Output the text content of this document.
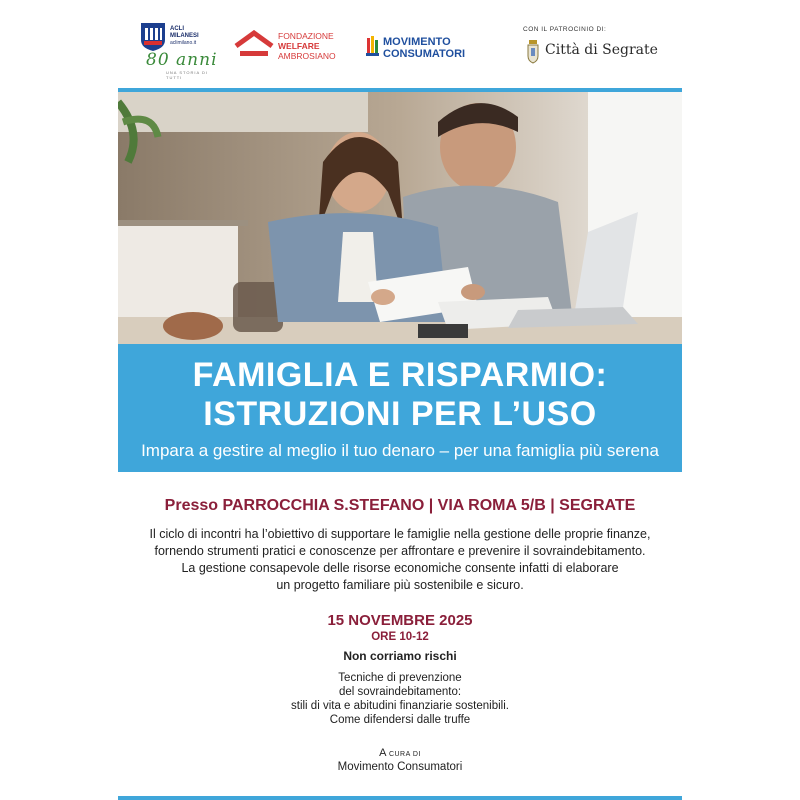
ACLI
MILANESI
aclimilano.it
80 anni
UNA STORIA DI TUTTI
FONDAZIONE
WELFARE
AMBROSIANO
MOVIMENTO
CONSUMATORI
CON IL PATROCINIO DI:
Città di Segrate
FAMIGLIA E RISPARMIO:
ISTRUZIONI PER L’USO
Impara a gestire al meglio il tuo denaro – per una famiglia più serena
Presso PARROCCHIA S.STEFANO | VIA ROMA 5/B | SEGRATE
Il ciclo di incontri ha l’obiettivo di supportare le famiglie nella gestione delle proprie finanze,
fornendo strumenti pratici e conoscenze per affrontare e prevenire il sovraindebitamento.
La gestione consapevole delle risorse economiche consente infatti di elaborare
un progetto familiare più sostenibile e sicuro.
15 NOVEMBRE 2025
ORE 10-12
Non corriamo rischi
Tecniche di prevenzione
del sovraindebitamento:
stili di vita e abitudini finanziarie sostenibili.
Come difendersi dalle truffe
A CURA DI
Movimento Consumatori
